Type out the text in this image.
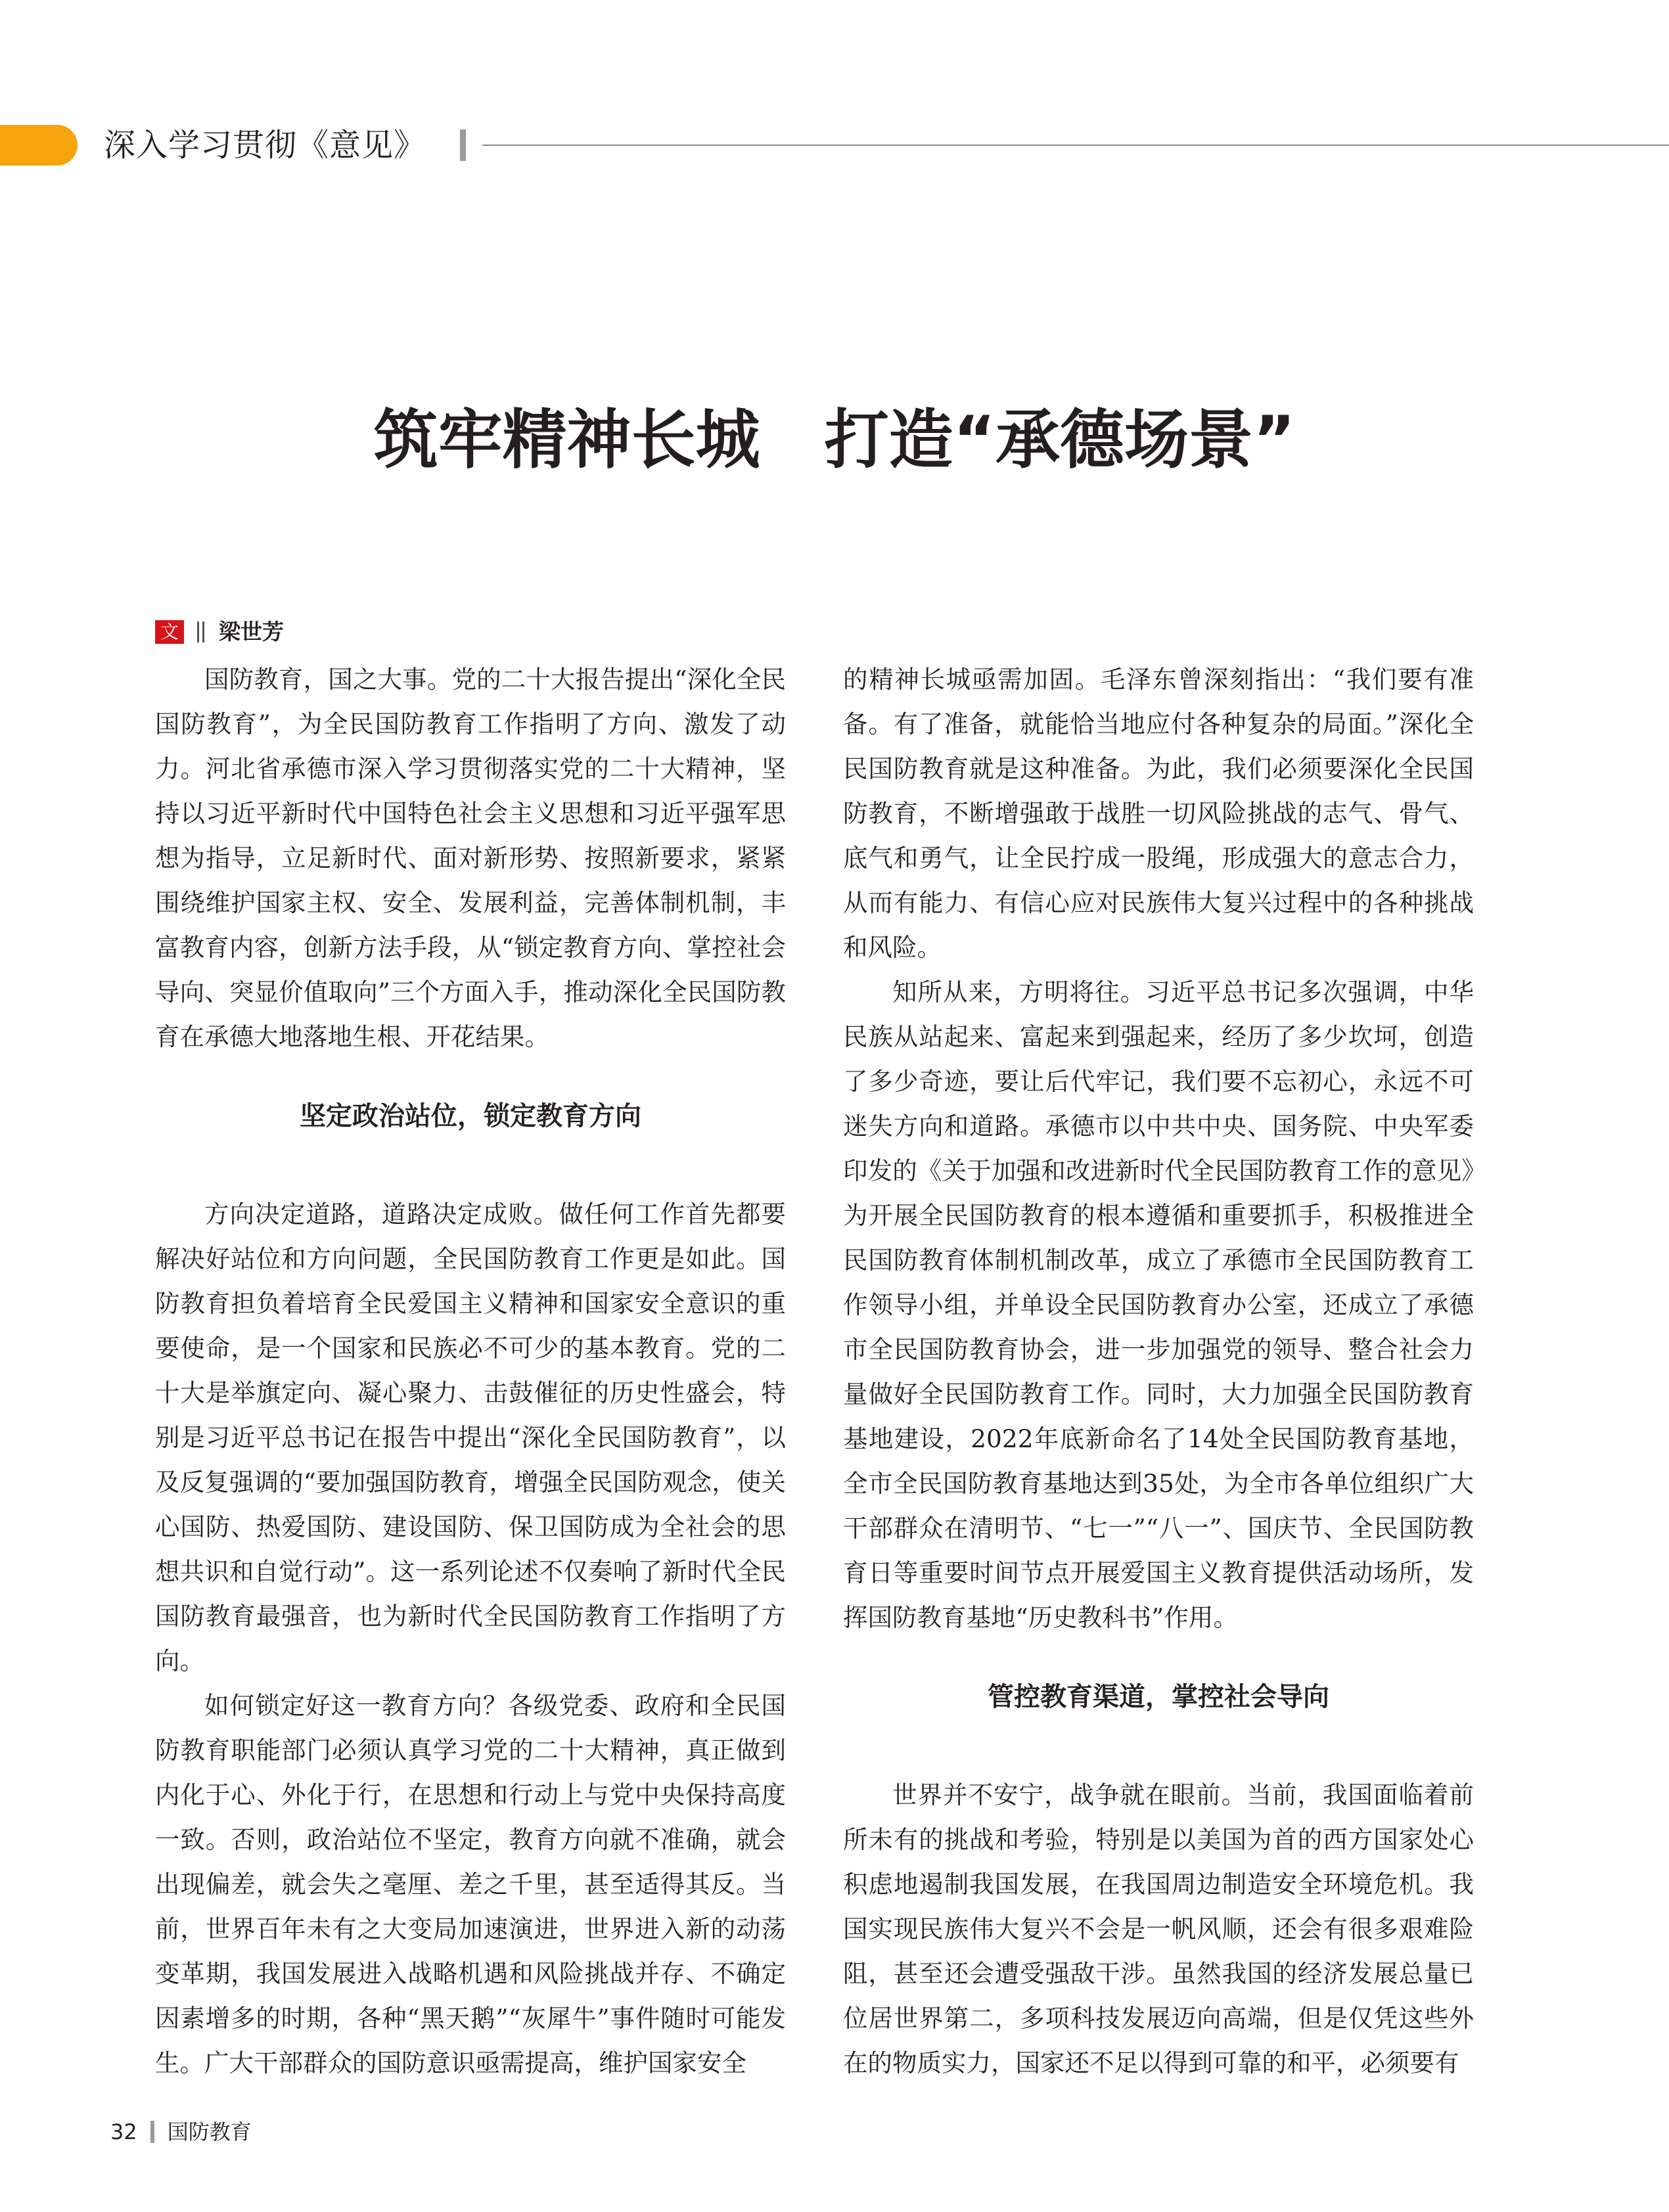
深入学习贯彻《意见》
筑牢精神长城　打造“承德场景”
文 梁世芳

国防教育，国之大事。党的二十大报告提出“深化全民国防教育”，为全民国防教育工作指明了方向、激发了动力。河北省承德市深入学习贯彻落实党的二十大精神，坚持以习近平新时代中国特色社会主义思想和习近平强军思想为指导，立足新时代、面对新形势、按照新要求，紧紧围绕维护国家主权、安全、发展利益，完善体制机制，丰富教育内容，创新方法手段，从“锁定教育方向、掌控社会导向、突显价值取向”三个方面入手，推动深化全民国防教育在承德大地落地生根、开花结果。

坚定政治站位，锁定教育方向

方向决定道路，道路决定成败。做任何工作首先都要解决好站位和方向问题，全民国防教育工作更是如此。国防教育担负着培育全民爱国主义精神和国家安全意识的重要使命，是一个国家和民族必不可少的基本教育。党的二十大是举旗定向、凝心聚力、击鼓催征的历史性盛会，特别是习近平总书记在报告中提出“深化全民国防教育”，以及反复强调的“要加强国防教育，增强全民国防观念，使关心国防、热爱国防、建设国防、保卫国防成为全社会的思想共识和自觉行动”。这一系列论述不仅奏响了新时代全民国防教育最强音，也为新时代全民国防教育工作指明了方向。

如何锁定好这一教育方向？各级党委、政府和全民国防教育职能部门必须认真学习党的二十大精神，真正做到内化于心、外化于行，在思想和行动上与党中央保持高度一致。否则，政治站位不坚定，教育方向就不准确，就会出现偏差，就会失之毫厘、差之千里，甚至适得其反。当前，世界百年未有之大变局加速演进，世界进入新的动荡变革期，我国发展进入战略机遇和风险挑战并存、不确定因素增多的时期，各种“黑天鹅”“灰犀牛”事件随时可能发生。广大干部群众的国防意识亟需提高，维护国家安全

的精神长城亟需加固。毛泽东曾深刻指出：“我们要有准备。有了准备，就能恰当地应付各种复杂的局面。”深化全民国防教育就是这种准备。为此，我们必须要深化全民国防教育，不断增强敢于战胜一切风险挑战的志气、骨气、底气和勇气，让全民拧成一股绳，形成强大的意志合力，从而有能力、有信心应对民族伟大复兴过程中的各种挑战和风险。

知所从来，方明将往。习近平总书记多次强调，中华民族从站起来、富起来到强起来，经历了多少坎坷，创造了多少奇迹，要让后代牢记，我们要不忘初心，永远不可迷失方向和道路。承德市以中共中央、国务院、中央军委印发的《关于加强和改进新时代全民国防教育工作的意见》为开展全民国防教育的根本遵循和重要抓手，积极推进全民国防教育体制机制改革，成立了承德市全民国防教育工作领导小组，并单设全民国防教育办公室，还成立了承德市全民国防教育协会，进一步加强党的领导、整合社会力量做好全民国防教育工作。同时，大力加强全民国防教育基地建设，2022年底新命名了14处全民国防教育基地，全市全民国防教育基地达到35处，为全市各单位组织广大干部群众在清明节、“七一”“八一”、国庆节、全民国防教育日等重要时间节点开展爱国主义教育提供活动场所，发挥国防教育基地“历史教科书”作用。

管控教育渠道，掌控社会导向

世界并不安宁，战争就在眼前。当前，我国面临着前所未有的挑战和考验，特别是以美国为首的西方国家处心积虑地遏制我国发展，在我国周边制造安全环境危机。我国实现民族伟大复兴不会是一帆风顺，还会有很多艰难险阻，甚至还会遭受强敌干涉。虽然我国的经济发展总量已位居世界第二，多项科技发展迈向高端，但是仅凭这些外在的物质实力，国家还不足以得到可靠的和平，必须要有

32 国防教育
